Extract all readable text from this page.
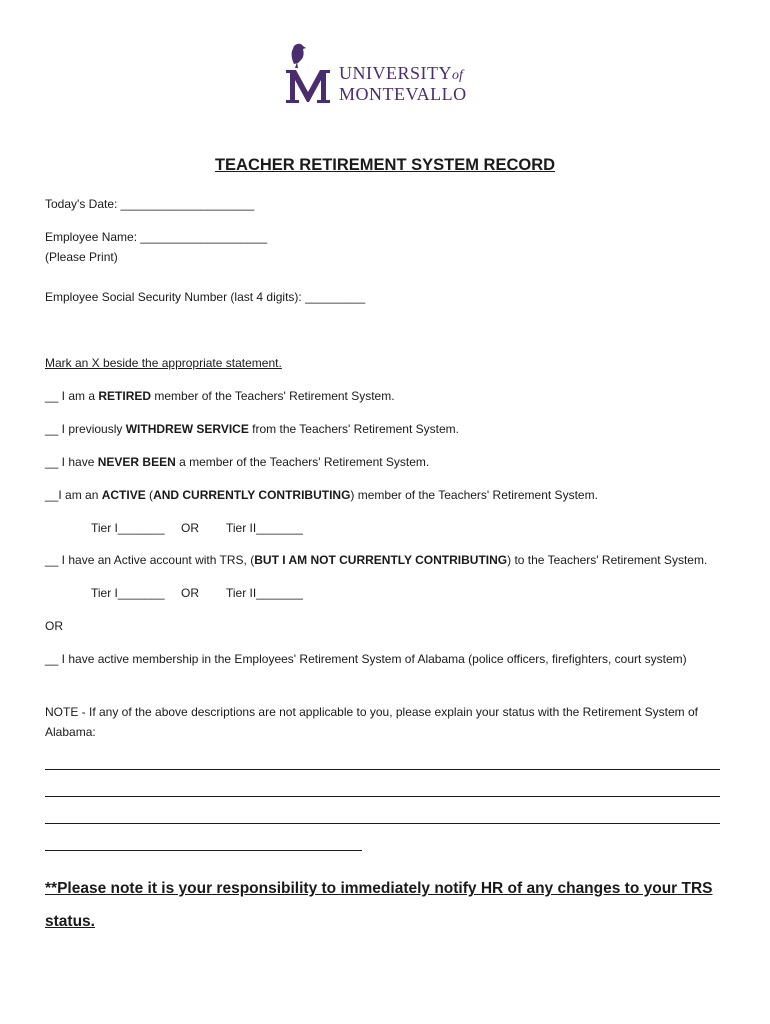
UNIVERSITYof
MONTEVALLO
TEACHER RETIREMENT SYSTEM RECORD
Today's Date: ____________________
Employee Name: ___________________
(Please Print)
Employee Social Security Number (last 4 digits): _________
Mark an X beside the appropriate statement.
__ I am a RETIRED member of the Teachers' Retirement System.
__ I previously WITHDREW SERVICE from the Teachers' Retirement System.
__ I have NEVER BEEN a member of the Teachers' Retirement System.
__I am an ACTIVE (AND CURRENTLY CONTRIBUTING) member of the Teachers' Retirement System.
Tier I_______ OR Tier II_______
__ I have an Active account with TRS, (BUT I AM NOT CURRENTLY CONTRIBUTING) to the Teachers' Retirement System.
Tier I_______ OR Tier II_______
OR
__ I have active membership in the Employees' Retirement System of Alabama (police officers, firefighters, court system)
NOTE - If any of the above descriptions are not applicable to you, please explain your status with the Retirement System of Alabama:
**Please note it is your responsibility to immediately notify HR of any changes to your TRS status.
